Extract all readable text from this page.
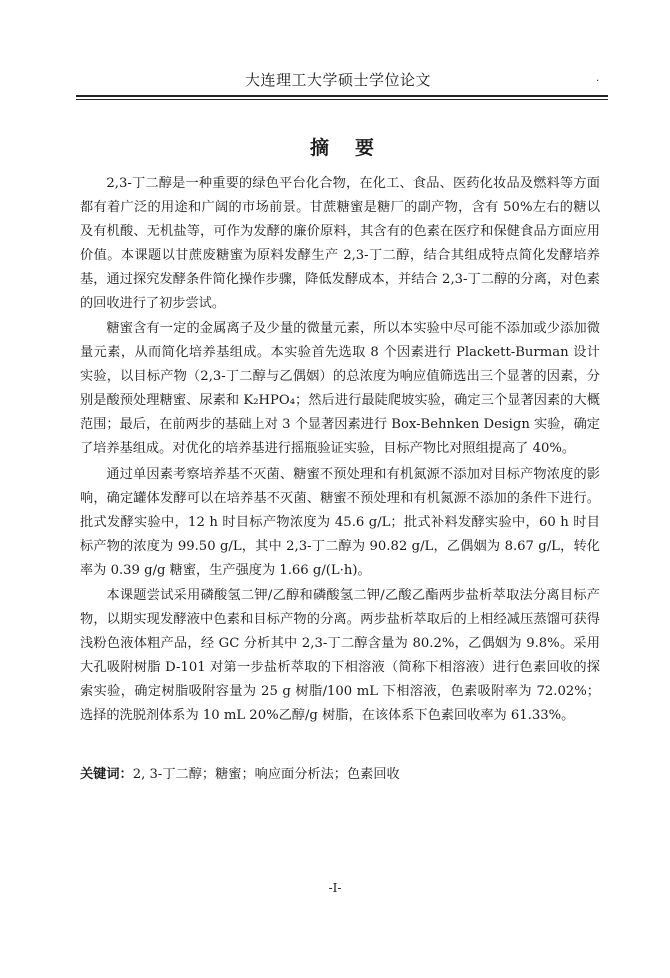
大连理工大学硕士学位论文	.
摘要

2,3-丁二醇是一种重要的绿色平台化合物，在化工、食品、医药化妆品及燃料等方面都有着广泛的用途和广阔的市场前景。甘蔗糖蜜是糖厂的副产物，含有 50%左右的糖以及有机酸、无机盐等，可作为发酵的廉价原料，其含有的色素在医疗和保健食品方面应用价值。本课题以甘蔗废糖蜜为原料发酵生产 2,3-丁二醇，结合其组成特点简化发酵培养基，通过探究发酵条件简化操作步骤，降低发酵成本，并结合 2,3-丁二醇的分离，对色素的回收进行了初步尝试。

糖蜜含有一定的金属离子及少量的微量元素，所以本实验中尽可能不添加或少添加微量元素，从而简化培养基组成。本实验首先选取 8 个因素进行 Plackett-Burman 设计实验，以目标产物（2,3-丁二醇与乙偶姻）的总浓度为响应值筛选出三个显著的因素，分别是酸预处理糖蜜、尿素和 K₂HPO₄；然后进行最陡爬坡实验，确定三个显著因素的大概范围；最后，在前两步的基础上对 3 个显著因素进行 Box-Behnken Design 实验，确定了培养基组成。对优化的培养基进行摇瓶验证实验，目标产物比对照组提高了 40%。

通过单因素考察培养基不灭菌、糖蜜不预处理和有机氮源不添加对目标产物浓度的影响，确定罐体发酵可以在培养基不灭菌、糖蜜不预处理和有机氮源不添加的条件下进行。批式发酵实验中，12 h 时目标产物浓度为 45.6 g/L；批式补料发酵实验中，60 h 时目标产物的浓度为 99.50 g/L，其中 2,3-丁二醇为 90.82 g/L，乙偶姻为 8.67 g/L，转化率为 0.39 g/g 糖蜜，生产强度为 1.66 g/(L·h)。

本课题尝试采用磷酸氢二钾/乙醇和磷酸氢二钾/乙酸乙酯两步盐析萃取法分离目标产物，以期实现发酵液中色素和目标产物的分离。两步盐析萃取后的上相经减压蒸馏可获得浅粉色液体粗产品，经 GC 分析其中 2,3-丁二醇含量为 80.2%，乙偶姻为 9.8%。采用大孔吸附树脂 D-101 对第一步盐析萃取的下相溶液（简称下相溶液）进行色素回收的探索实验，确定树脂吸附容量为 25 g 树脂/100 mL 下相溶液，色素吸附率为 72.02%；选择的洗脱剂体系为 10 mL 20%乙醇/g 树脂，在该体系下色素回收率为 61.33%。

关键词：2, 3-丁二醇；糖蜜；响应面分析法；色素回收
-I-
